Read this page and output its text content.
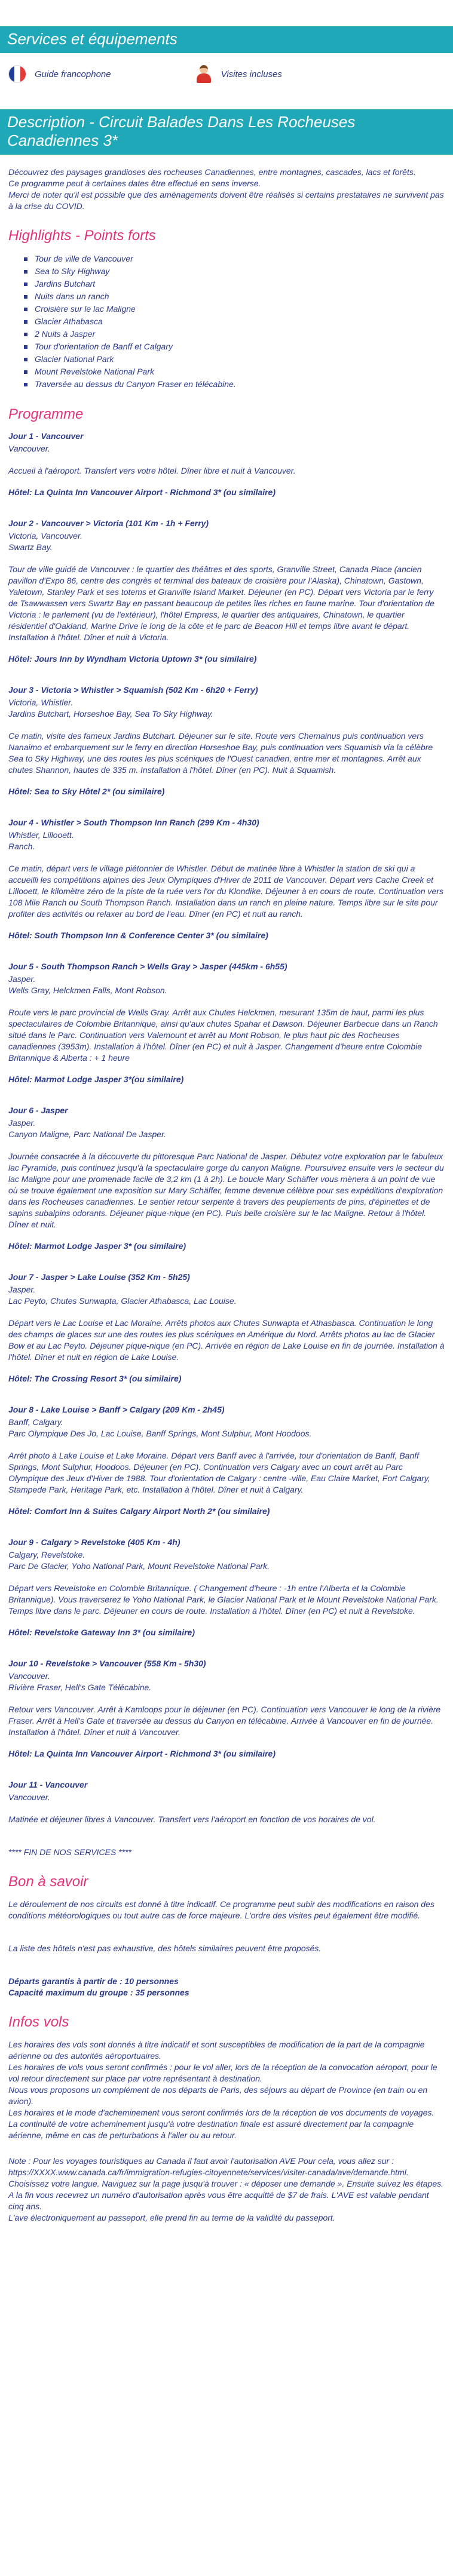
Services et équipements
Guide francophone	Visites incluses
Description - Circuit Balades Dans Les Rocheuses Canadiennes 3*

Découvrez des paysages grandioses des rocheuses Canadiennes, entre montagnes, cascades, lacs et forêts.

Ce programme peut à certaines dates être effectué en sens inverse.

Merci de noter qu'il est possible que des aménagements doivent être réalisés si certains prestataires ne survivent pas à la crise du COVID.

Highlights - Points forts
Tour de ville de Vancouver
Sea to Sky Highway
Jardins Butchart
Nuits dans un ranch
Croisière sur le lac Maligne
Glacier Athabasca
2 Nuits à Jasper
Tour d'orientation de Banff et Calgary
Glacier National Park
Mount Revelstoke National Park
Traversée au dessus du Canyon Fraser en télécabine.
Programme
Jour 1 - Vancouver
Vancouver.
Accueil à l'aéroport. Transfert vers votre hôtel. Dîner libre et nuit à Vancouver.
Hôtel: La Quinta Inn Vancouver Airport - Richmond 3* (ou similaire)
Jour 2 - Vancouver > Victoria (101 Km - 1h + Ferry)
Victoria, Vancouver.
Swartz Bay.
Tour de ville guidé de Vancouver : le quartier des théâtres et des sports, Granville Street, Canada Place (ancien pavillon d'Expo 86, centre des congrès et terminal des bateaux de croisière pour l'Alaska), Chinatown, Gastown, Yaletown, Stanley Park et ses totems et Granville Island Market. Déjeuner (en PC). Départ vers Victoria par le ferry de Tsawwassen vers Swartz Bay en passant beaucoup de petites îles riches en faune marine. Tour d'orientation de Victoria : le parlement (vu de l'extérieur), l'hôtel Empress, le quartier des antiquaires, Chinatown, le quartier résidentiel d'Oakland, Marine Drive le long de la côte et le parc de Beacon Hill et temps libre avant le départ. Installation à l'hôtel. Dîner et nuit à Victoria.
Hôtel: Jours Inn by Wyndham Victoria Uptown 3* (ou similaire)
Jour 3 - Victoria > Whistler > Squamish (502 Km - 6h20 + Ferry)
Victoria, Whistler.
Jardins Butchart, Horseshoe Bay, Sea To Sky Highway.
Ce matin, visite des fameux Jardins Butchart. Déjeuner sur le site. Route vers Chemainus puis continuation vers Nanaimo et embarquement sur le ferry en direction Horseshoe Bay, puis continuation vers Squamish via la célèbre Sea to Sky Highway, une des routes les plus scéniques de l'Ouest canadien, entre mer et montagnes. Arrêt aux chutes Shannon, hautes de 335 m. Installation à l'hôtel. Dîner (en PC). Nuit à Squamish.
Hôtel: Sea to Sky Hôtel 2* (ou similaire)
Jour 4 - Whistler > South Thompson Inn Ranch (299 Km - 4h30)
Whistler, Lillooett.
Ranch.
Ce matin, départ vers le village piétonnier de Whistler. Début de matinée libre à Whistler la station de ski qui a accueilli les compétitions alpines des Jeux Olympiques d'Hiver de 2011 de Vancouver. Départ vers Cache Creek et Lillooett, le kilomètre zéro de la piste de la ruée vers l'or du Klondike. Déjeuner à en cours de route. Continuation vers 108 Mile Ranch ou South Thompson Ranch. Installation dans un ranch en pleine nature. Temps libre sur le site pour profiter des activités ou relaxer au bord de l'eau. Dîner (en PC) et nuit au ranch.
Hôtel: South Thompson Inn & Conference Center 3* (ou similaire)
Jour 5 - South Thompson Ranch > Wells Gray > Jasper (445km - 6h55)
Jasper.
Wells Gray, Helckmen Falls, Mont Robson.
Route vers le parc provincial de Wells Gray. Arrêt aux Chutes Helckmen, mesurant 135m de haut, parmi les plus spectaculaires de Colombie Britannique, ainsi qu'aux chutes Spahar et Dawson. Déjeuner Barbecue dans un Ranch situé dans le Parc. Continuation vers Valemount et arrêt au Mont Robson, le plus haut pic des Rocheuses canadiennes (3953m). Installation à l'hôtel. Dîner (en PC) et nuit à Jasper. Changement d'heure entre Colombie Britannique & Alberta : + 1 heure
Hôtel: Marmot Lodge Jasper 3*(ou similaire)
Jour 6 - Jasper
Jasper.
Canyon Maligne, Parc National De Jasper.
Journée consacrée à la découverte du pittoresque Parc National de Jasper. Débutez votre exploration par le fabuleux lac Pyramide, puis continuez jusqu'à la spectaculaire gorge du canyon Maligne. Poursuivez ensuite vers le secteur du lac Maligne pour une promenade facile de 3,2 km (1 à 2h). Le boucle Mary Schäffer vous mènera à un point de vue où se trouve également une exposition sur Mary Schäffer, femme devenue célèbre pour ses expéditions d'exploration dans les Rocheuses canadiennes. Le sentier retour serpente à travers des peuplements de pins, d'épinettes et de sapins subalpins odorants. Déjeuner pique-nique (en PC). Puis belle croisière sur le lac Maligne. Retour à l'hôtel. Dîner et nuit.
Hôtel: Marmot Lodge Jasper 3* (ou similaire)
Jour 7 - Jasper > Lake Louise (352 Km - 5h25)
Jasper.
Lac Peyto, Chutes Sunwapta, Glacier Athabasca, Lac Louise.
Départ vers le Lac Louise et Lac Moraine. Arrêts photos aux Chutes Sunwapta et Athasbasca. Continuation le long des champs de glaces sur une des routes les plus scéniques en Amérique du Nord. Arrêts photos au lac de Glacier Bow et au Lac Peyto. Déjeuner pique-nique (en PC). Arrivée en région de Lake Louise en fin de journée. Installation à l'hôtel. Dîner et nuit en région de Lake Louise.
Hôtel: The Crossing Resort 3* (ou similaire)
Jour 8 - Lake Louise > Banff > Calgary (209 Km - 2h45)
Banff, Calgary.
Parc Olympique Des Jo, Lac Louise, Banff Springs, Mont Sulphur, Mont Hoodoos.
Arrêt photo à Lake Louise et Lake Moraine. Départ vers Banff avec à l'arrivée, tour d'orientation de Banff, Banff Springs, Mont Sulphur, Hoodoos. Déjeuner (en PC). Continuation vers Calgary avec un court arrêt au Parc Olympique des Jeux d'Hiver de 1988. Tour d'orientation de Calgary : centre -ville, Eau Claire Market, Fort Calgary, Stampede Park, Heritage Park, etc. Installation à l'hôtel. Dîner et nuit à Calgary.
Hôtel: Comfort Inn & Suites Calgary Airport North 2* (ou similaire)
Jour 9 - Calgary > Revelstoke (405 Km - 4h)
Calgary, Revelstoke.
Parc De Glacier, Yoho National Park, Mount Revelstoke National Park.
Départ vers Revelstoke en Colombie Britannique. ( Changement d'heure : -1h entre l'Alberta et la Colombie Britannique). Vous traverserez le Yoho National Park, le Glacier National Park et le Mount Revelstoke National Park. Temps libre dans le parc. Déjeuner en cours de route. Installation à l'hôtel. Dîner (en PC) et nuit à Revelstoke.
Hôtel: Revelstoke Gateway Inn 3* (ou similaire)
Jour 10 - Revelstoke > Vancouver (558 Km - 5h30)
Vancouver.
Rivière Fraser, Hell's Gate Télécabine.
Retour vers Vancouver. Arrêt à Kamloops pour le déjeuner (en PC). Continuation vers Vancouver le long de la rivière Fraser. Arrêt à Hell's Gate et traversée au dessus du Canyon en télécabine. Arrivée à Vancouver en fin de journée. Installation à l'hôtel. Dîner et nuit à Vancouver.
Hôtel: La Quinta Inn Vancouver Airport - Richmond 3* (ou similaire)
Jour 11 - Vancouver
Vancouver.
Matinée et déjeuner libres à Vancouver. Transfert vers l'aéroport en fonction de vos horaires de vol.

**** FIN DE NOS SERVICES ****

Bon à savoir

Le déroulement de nos circuits est donné à titre indicatif. Ce programme peut subir des modifications en raison des conditions météorologiques ou tout autre cas de force majeure. L'ordre des visites peut également être modifié.

La liste des hôtels n'est pas exhaustive, des hôtels similaires peuvent être proposés.

Départs garantis à partir de : 10 personnes

Capacité maximum du groupe : 35 personnes

Infos vols

Les horaires des vols sont donnés à titre indicatif et sont susceptibles de modification de la part de la compagnie aérienne ou des autorités aéroportuaires.

Les horaires de vols vous seront confirmés : pour le vol aller, lors de la réception de la convocation aéroport, pour le vol retour directement sur place par votre représentant à destination.

Nous vous proposons un complément de nos départs de Paris, des séjours au départ de Province (en train ou en avion).

Les horaires et le mode d'acheminement vous seront confirmés lors de la réception de vos documents de voyages.

La continuité de votre acheminement jusqu'à votre destination finale est assuré directement par la compagnie aérienne, même en cas de perturbations à l'aller ou au retour.

Note : Pour les voyages touristiques au Canada il faut avoir l'autorisation AVE Pour cela, vous allez sur :

https://XXXX.www.canada.ca/fr/immigration-refugies-citoyennete/services/visiter-canada/ave/demande.html.

Choisissez votre langue. Naviguez sur la page jusqu'à trouver : « déposer une demande ». Ensuite suivez les étapes. A la fin vous recevrez un numéro d'autorisation après vous être acquitté de $7 de frais. L'AVE est valable pendant cinq ans.

L'ave électroniquement au passeport, elle prend fin au terme de la validité du passeport.
